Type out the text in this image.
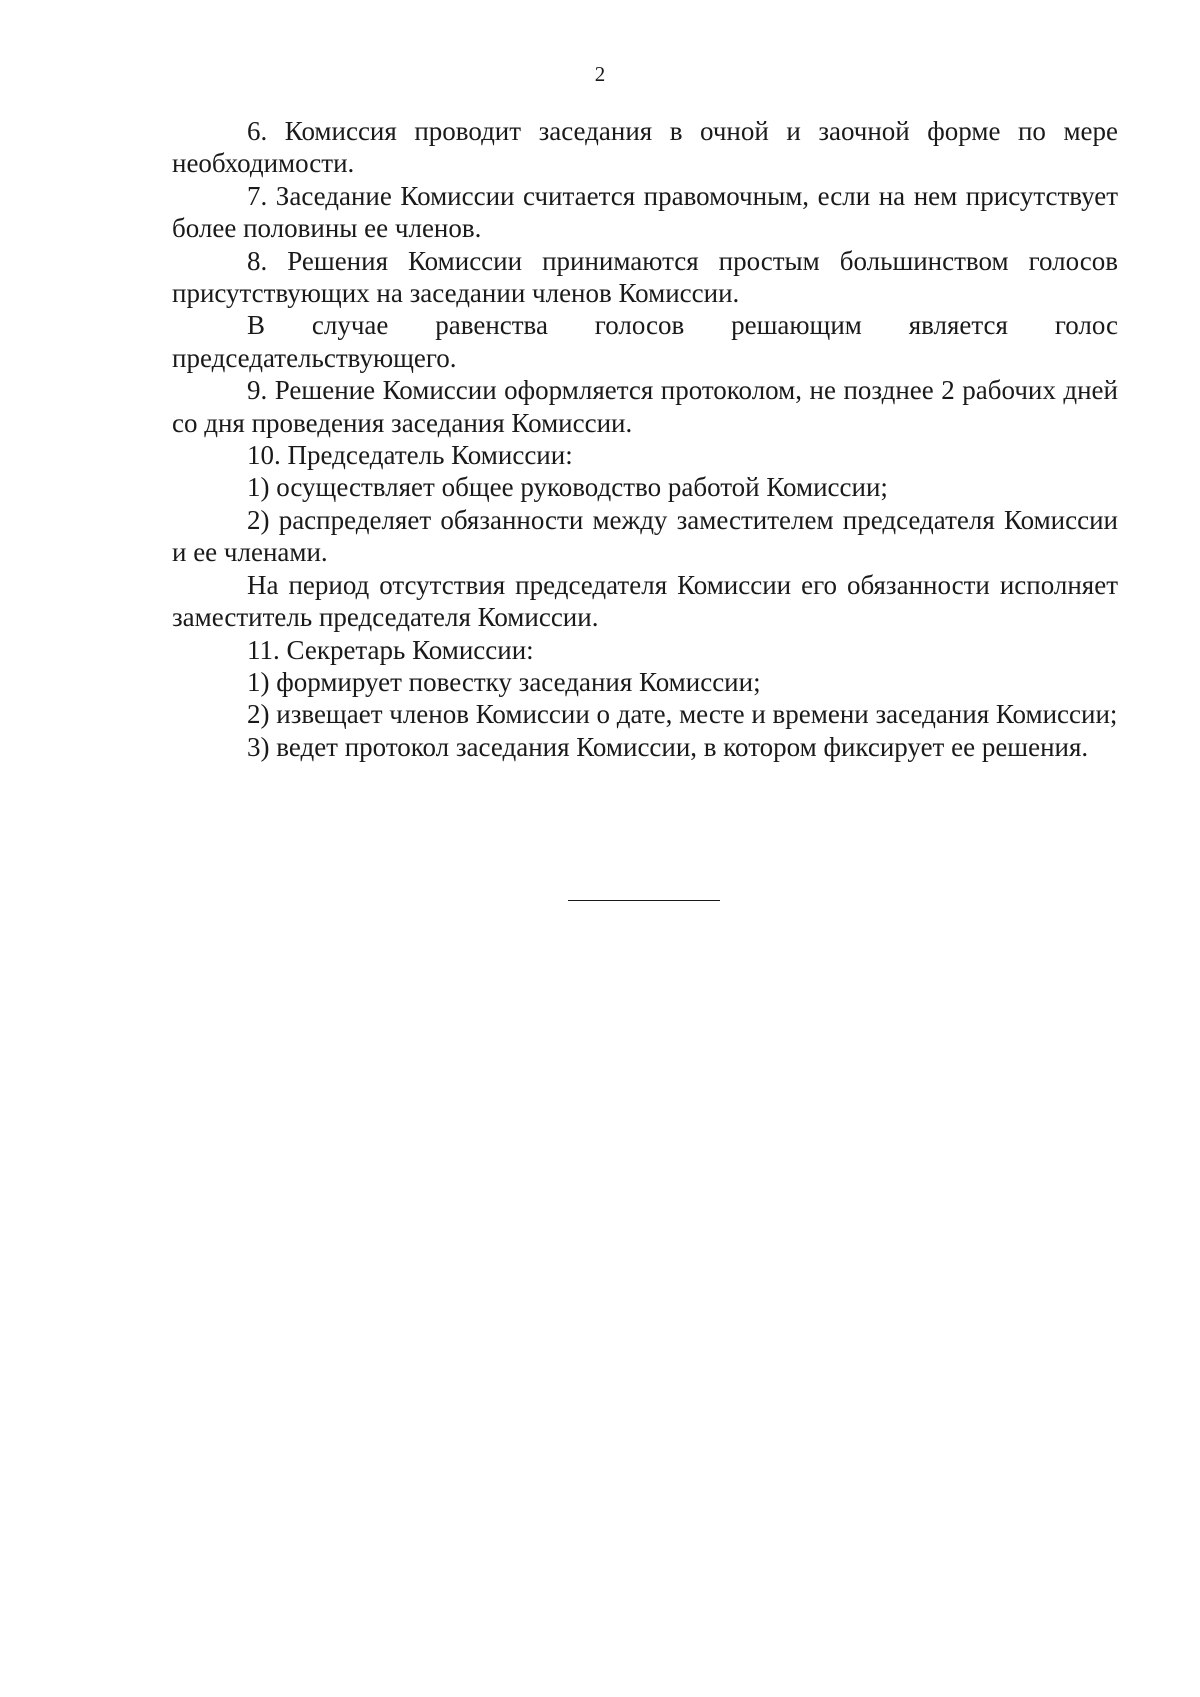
2

6. Комиссия проводит заседания в очной и заочной форме по мере необходимости.

7. Заседание Комиссии считается правомочным, если на нем присутствует более половины ее членов.

8. Решения Комиссии принимаются простым большинством голосов присутствующих на заседании членов Комиссии.

В случае равенства голосов решающим является голос председательствующего.

9. Решение Комиссии оформляется протоколом, не позднее 2 рабочих дней со дня проведения заседания Комиссии.

10. Председатель Комиссии:

1) осуществляет общее руководство работой Комиссии;

2) распределяет обязанности между заместителем председателя Комиссии и ее членами.

На период отсутствия председателя Комиссии его обязанности исполняет заместитель председателя Комиссии.

11. Секретарь Комиссии:

1) формирует повестку заседания Комиссии;

2) извещает членов Комиссии о дате, месте и времени заседания Комиссии;

3) ведет протокол заседания Комиссии, в котором фиксирует ее решения.
